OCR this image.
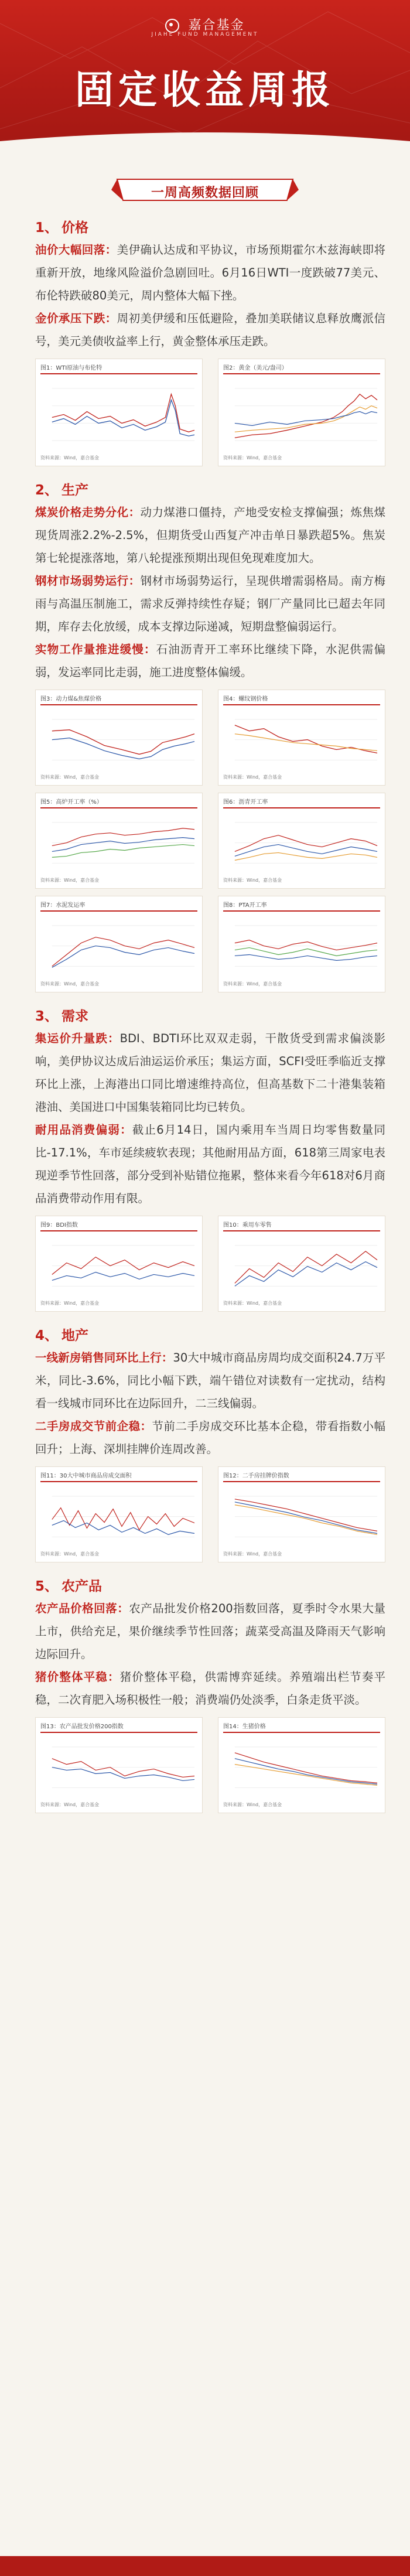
嘉合基金
JIAHE FUND MANAGEMENT
固定收益周报
一周高频数据回顾
1、 价格

油价大幅回落：美伊确认达成和平协议，市场预期霍尔木兹海峡即将重新开放，地缘风险溢价急剧回吐。6月16日WTI一度跌破77美元、布伦特跌破80美元，周内整体大幅下挫。

金价承压下跌：周初美伊缓和压低避险，叠加美联储议息释放鹰派信号，美元美债收益率上行，黄金整体承压走跌。

图1：WTI原油与布伦特
资料来源：Wind，嘉合基金
图2：黄金（美元/盎司）
资料来源：Wind，嘉合基金
2、 生产

煤炭价格走势分化：动力煤港口僵持，产地受安检支撑偏强；炼焦煤现货周涨2.2%-2.5%，但期货受山西复产冲击单日暴跌超5%。焦炭第七轮提涨落地，第八轮提涨预期出现但免现难度加大。

钢材市场弱势运行：钢材市场弱势运行，呈现供增需弱格局。南方梅雨与高温压制施工，需求反弹持续性存疑；钢厂产量同比已超去年同期，库存去化放缓，成本支撑边际递减，短期盘整偏弱运行。

实物工作量推进缓慢：石油沥青开工率环比继续下降，水泥供需偏弱，发运率同比走弱，施工进度整体偏缓。

图3：动力煤&焦煤价格
资料来源：Wind，嘉合基金
图4：螺纹钢价格
资料来源：Wind，嘉合基金
图5：高炉开工率（%）
资料来源：Wind，嘉合基金
图6：沥青开工率
资料来源：Wind，嘉合基金
图7：水泥发运率
资料来源：Wind，嘉合基金
图8：PTA开工率
资料来源：Wind，嘉合基金
3、 需求

集运价升量跌：BDI、BDTI环比双双走弱，干散货受到需求偏淡影响，美伊协议达成后油运运价承压；集运方面，SCFI受旺季临近支撑环比上涨，上海港出口同比增速维持高位，但高基数下二十港集装箱港油、美国进口中国集装箱同比均已转负。

耐用品消费偏弱：截止6月14日，国内乘用车当周日均零售数量同比-17.1%，车市延续疲软表现；其他耐用品方面，618第三周家电表现逆季节性回落，部分受到补贴错位拖累，整体来看今年618对6月商品消费带动作用有限。

图9：BDI指数
资料来源：Wind，嘉合基金
图10：乘用车零售
资料来源：Wind，嘉合基金
4、 地产

一线新房销售同环比上行：30大中城市商品房周均成交面积24.7万平米，同比-3.6%，同比小幅下跌，端午错位对读数有一定扰动，结构看一线城市同环比在边际回升，二三线偏弱。

二手房成交节前企稳：节前二手房成交环比基本企稳，带看指数小幅回升；上海、深圳挂牌价连周改善。

图11：30大中城市商品房成交面积
资料来源：Wind，嘉合基金
图12：二手房挂牌价指数
资料来源：Wind，嘉合基金
5、 农产品

农产品价格回落：农产品批发价格200指数回落，夏季时令水果大量上市，供给充足，果价继续季节性回落；蔬菜受高温及降雨天气影响边际回升。

猪价整体平稳：猪价整体平稳，供需博弈延续。养殖端出栏节奏平稳，二次育肥入场积极性一般；消费端仍处淡季，白条走货平淡。

图13：农产品批发价格200指数
资料来源：Wind，嘉合基金
图14：生猪价格
资料来源：Wind，嘉合基金
